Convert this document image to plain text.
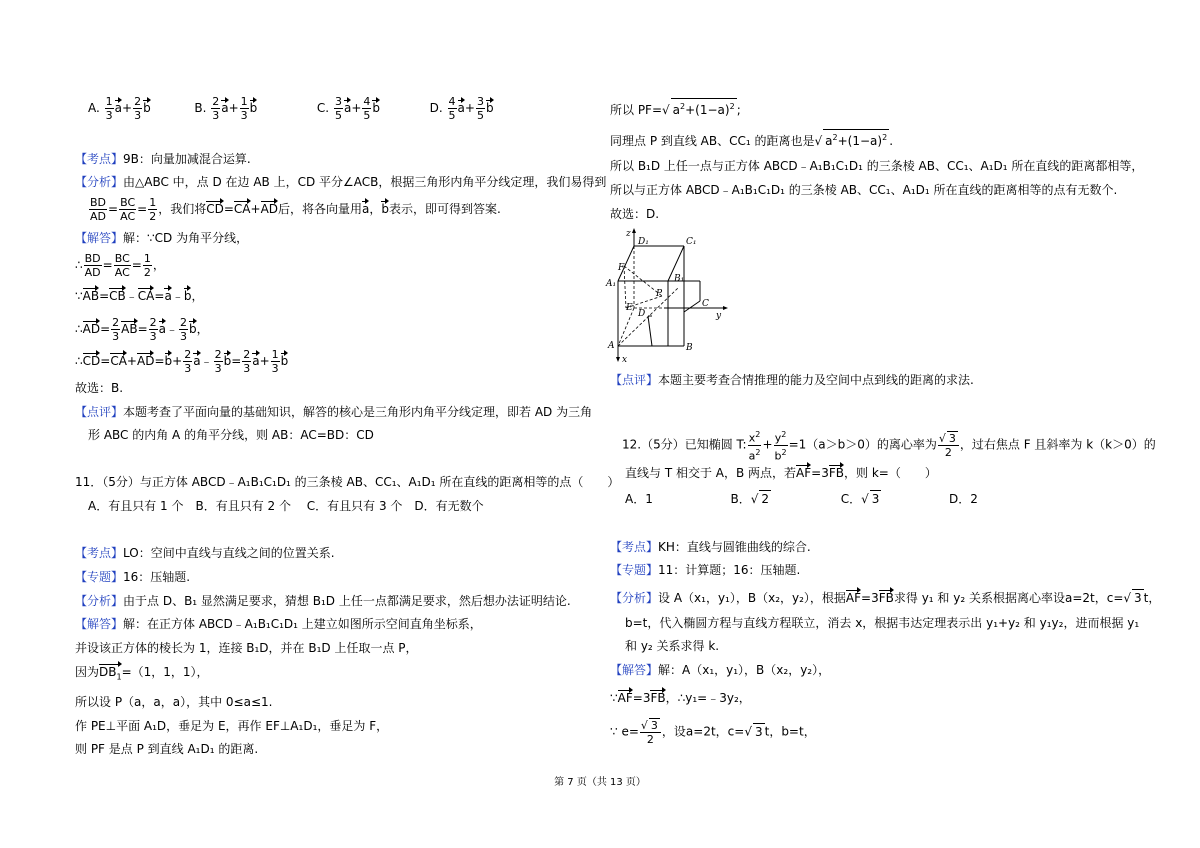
A. $\frac{1}{3} a+ \frac{2}{3}$ b	B. $\frac{2}{3} a+ \frac{1}{3}$ b	C. $\frac{3}{5} a+ \frac{4}{5}$ b	D. $\frac{4}{5} a+ \frac{3}{5}$ b
【考点】9B：向量加减混合运算.
【分析】由△ABC 中，点 D 在边 AB 上，CD 平分∠ACB，根据三角形内角平分线定理，我们易得到
$\frac{BD}{AD} = \frac{BC}{AC} = \frac{1}{2}$ ，我们将CD=CA+AD后，将各向量用a，b表示，即可得到答案.
【解答】解：∵CD 为角平分线，
∴ $\frac{BD}{AD} = \frac{BC}{AC} = \frac{1}{2}$ ，
∵AB=CB﹣CA=a﹣b，
∴AD= $\frac{2}{3} AB= \frac{2}{3}$ a﹣ $\frac{2}{3}$ b，
∴CD=CA+AD=b+ $\frac{2}{3}$ a﹣ $\frac{2}{3} b= \frac{2}{3} a+ \frac{1}{3}$ b
故选：B.
【点评】本题考查了平面向量的基础知识，解答的核心是三角形内角平分线定理，即若 AD 为三角
形 ABC 的内角 A 的角平分线，则 AB：AC=BD：CD
11．（5分）与正方体 ABCD﹣A₁B₁C₁D₁ 的三条棱 AB、CC₁、A₁D₁ 所在直线的距离相等的点（　　）
A．有且只有 1 个　B．有且只有 2 个　 C．有且只有 3 个　D．有无数个
【考点】LO：空间中直线与直线之间的位置关系.
【专题】16：压轴题.
【分析】由于点 D、B₁ 显然满足要求，猜想 B₁D 上任一点都满足要求，然后想办法证明结论.
【解答】解：在正方体 ABCD﹣A₁B₁C₁D₁ 上建立如图所示空间直角坐标系，
并设该正方体的棱长为 1，连接 B₁D，并在 B₁D 上任取一点 P，
因为$DB_1=(1$，1，1），
所以设 P（a，a，a），其中 0≤a≤1.
作 PE⊥平面 A₁D，垂足为 E，再作 EF⊥A₁D₁，垂足为 F，
则 PF 是点 P 到直线 A₁D₁ 的距离.
所以 PF=√ $a^2+(1-a)^2$ ;
同理点 P 到直线 AB、CC₁ 的距离也是√ $a^2+(1-a)^2$ .
所以 B₁D 上任一点与正方体 ABCD﹣A₁B₁C₁D₁ 的三条棱 AB、CC₁、A₁D₁ 所在直线的距离都相等，
所以与正方体 ABCD﹣A₁B₁C₁D₁ 的三条棱 AB、CC₁、A₁D₁ 所在直线的距离相等的点有无数个.
故选：D.
z
D₁	C₁
F
A₁	B₁
P
C
E
D	y
A	B
x
【点评】本题主要考查合情推理的能力及空间中点到线的距离的求法.
12.（5分）已知椭圆 T: $\frac{x^2}{a^2} + \frac{y^2}{b^2} =1(a>b>0)$的离心率为 $\frac{√ 3}{2}$ ，过右焦点 F 且斜率为 k（k＞0）的
直线与 T 相交于 A，B 两点，若AF=3FB，则 k=（　　）
A．1	B．√ 2	C．√ 3	D．2
【考点】KH：直线与圆锥曲线的综合.
【专题】11：计算题；16：压轴题.
【分析】设 A（x₁，y₁），B（x₂，y₂），根据AF=3FB求得 y₁ 和 y₂ 关系根据离心率设a=2t，c=√ 3 t，
b=t，代入椭圆方程与直线方程联立，消去 x，根据韦达定理表示出 y₁+y₂ 和 y₁y₂，进而根据 y₁
和 y₂ 关系求得 k.
【解答】解：A（x₁，y₁），B（x₂，y₂），
∵AF=3FB，∴y₁=﹣3y₂，
∵ $e= \frac{√ 3}{2}$ ，设a=2t，c=√ 3 t，b=t，
第 7 页（共 13 页）
